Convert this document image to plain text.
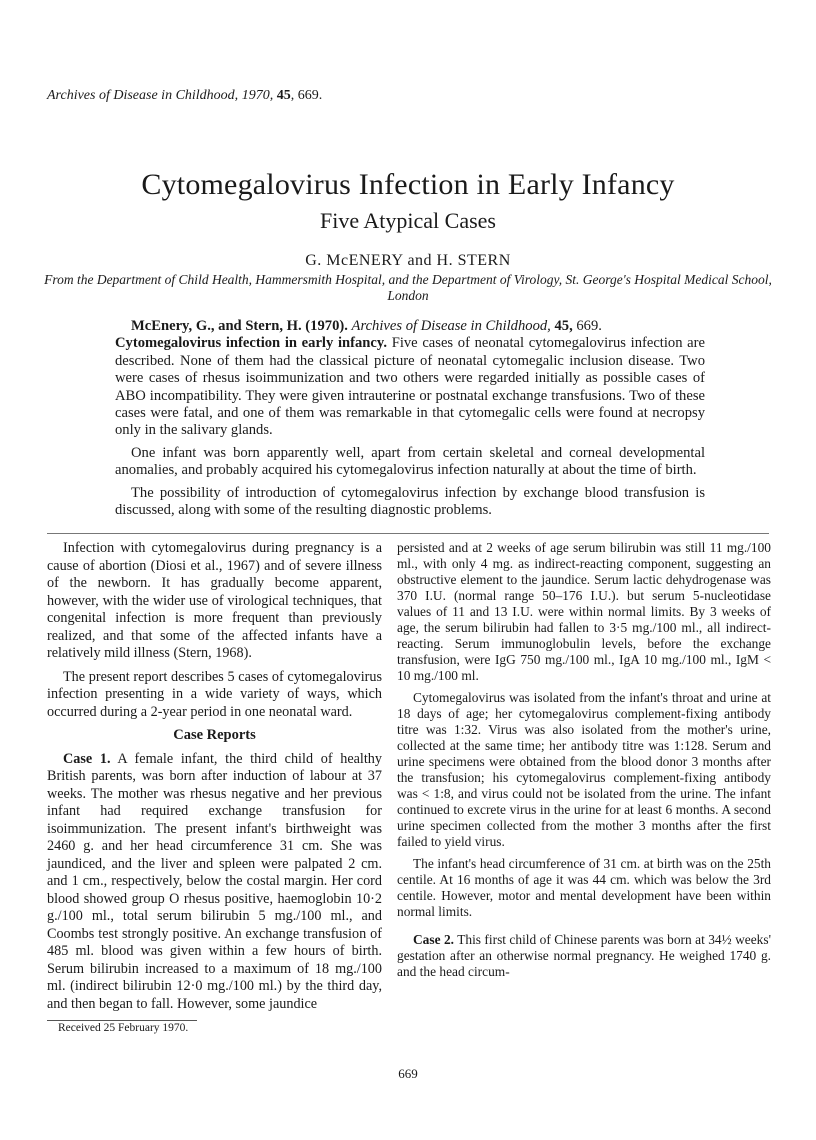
Archives of Disease in Childhood, 1970, 45, 669.
Cytomegalovirus Infection in Early Infancy
Five Atypical Cases
G. McENERY and H. STERN
From the Department of Child Health, Hammersmith Hospital, and the Department of Virology, St. George's Hospital Medical School, London

McEnery, G., and Stern, H. (1970). Archives of Disease in Childhood, 45, 669.
Cytomegalovirus infection in early infancy. Five cases of neonatal cytomegalovirus infection are described. None of them had the classical picture of neonatal cytomegalic inclusion disease. Two were cases of rhesus isoimmunization and two others were regarded initially as possible cases of ABO incompatibility. They were given intrauterine or postnatal exchange transfusions. Two of these cases were fatal, and one of them was remarkable in that cytomegalic cells were found at necropsy only in the salivary glands.

One infant was born apparently well, apart from certain skeletal and corneal developmental anomalies, and probably acquired his cytomegalovirus infection naturally at about the time of birth.

The possibility of introduction of cytomegalovirus infection by exchange blood transfusion is discussed, along with some of the resulting diagnostic problems.

Infection with cytomegalovirus during pregnancy is a cause of abortion (Diosi et al., 1967) and of severe illness of the newborn. It has gradually become apparent, however, with the wider use of virological techniques, that congenital infection is more frequent than previously realized, and that some of the affected infants have a relatively mild illness (Stern, 1968).

The present report describes 5 cases of cytomegalovirus infection presenting in a wide variety of ways, which occurred during a 2-year period in one neonatal ward.

Case Reports

Case 1. A female infant, the third child of healthy British parents, was born after induction of labour at 37 weeks. The mother was rhesus negative and her previous infant had required exchange transfusion for isoimmunization. The present infant's birthweight was 2460 g. and her head circumference 31 cm. She was jaundiced, and the liver and spleen were palpated 2 cm. and 1 cm., respectively, below the costal margin. Her cord blood showed group O rhesus positive, haemoglobin 10·2 g./100 ml., total serum bilirubin 5 mg./100 ml., and Coombs test strongly positive. An exchange transfusion of 485 ml. blood was given within a few hours of birth. Serum bilirubin increased to a maximum of 18 mg./100 ml. (indirect bilirubin 12·0 mg./100 ml.) by the third day, and then began to fall. However, some jaundice

persisted and at 2 weeks of age serum bilirubin was still 11 mg./100 ml., with only 4 mg. as indirect-reacting component, suggesting an obstructive element to the jaundice. Serum lactic dehydrogenase was 370 I.U. (normal range 50–176 I.U.). but serum 5-nucleotidase values of 11 and 13 I.U. were within normal limits. By 3 weeks of age, the serum bilirubin had fallen to 3·5 mg./100 ml., all indirect-reacting. Serum immunoglobulin levels, before the exchange transfusion, were IgG 750 mg./100 ml., IgA 10 mg./100 ml., IgM < 10 mg./100 ml.

Cytomegalovirus was isolated from the infant's throat and urine at 18 days of age; her cytomegalovirus complement-fixing antibody titre was 1:32. Virus was also isolated from the mother's urine, collected at the same time; her antibody titre was 1:128. Serum and urine specimens were obtained from the blood donor 3 months after the transfusion; his cytomegalovirus complement-fixing antibody was < 1:8, and virus could not be isolated from the urine. The infant continued to excrete virus in the urine for at least 6 months. A second urine specimen collected from the mother 3 months after the first failed to yield virus.

The infant's head circumference of 31 cm. at birth was on the 25th centile. At 16 months of age it was 44 cm. which was below the 3rd centile. However, motor and mental development have been within normal limits.

Case 2. This first child of Chinese parents was born at 34½ weeks' gestation after an otherwise normal pregnancy. He weighed 1740 g. and the head circum-

Received 25 February 1970.
669
